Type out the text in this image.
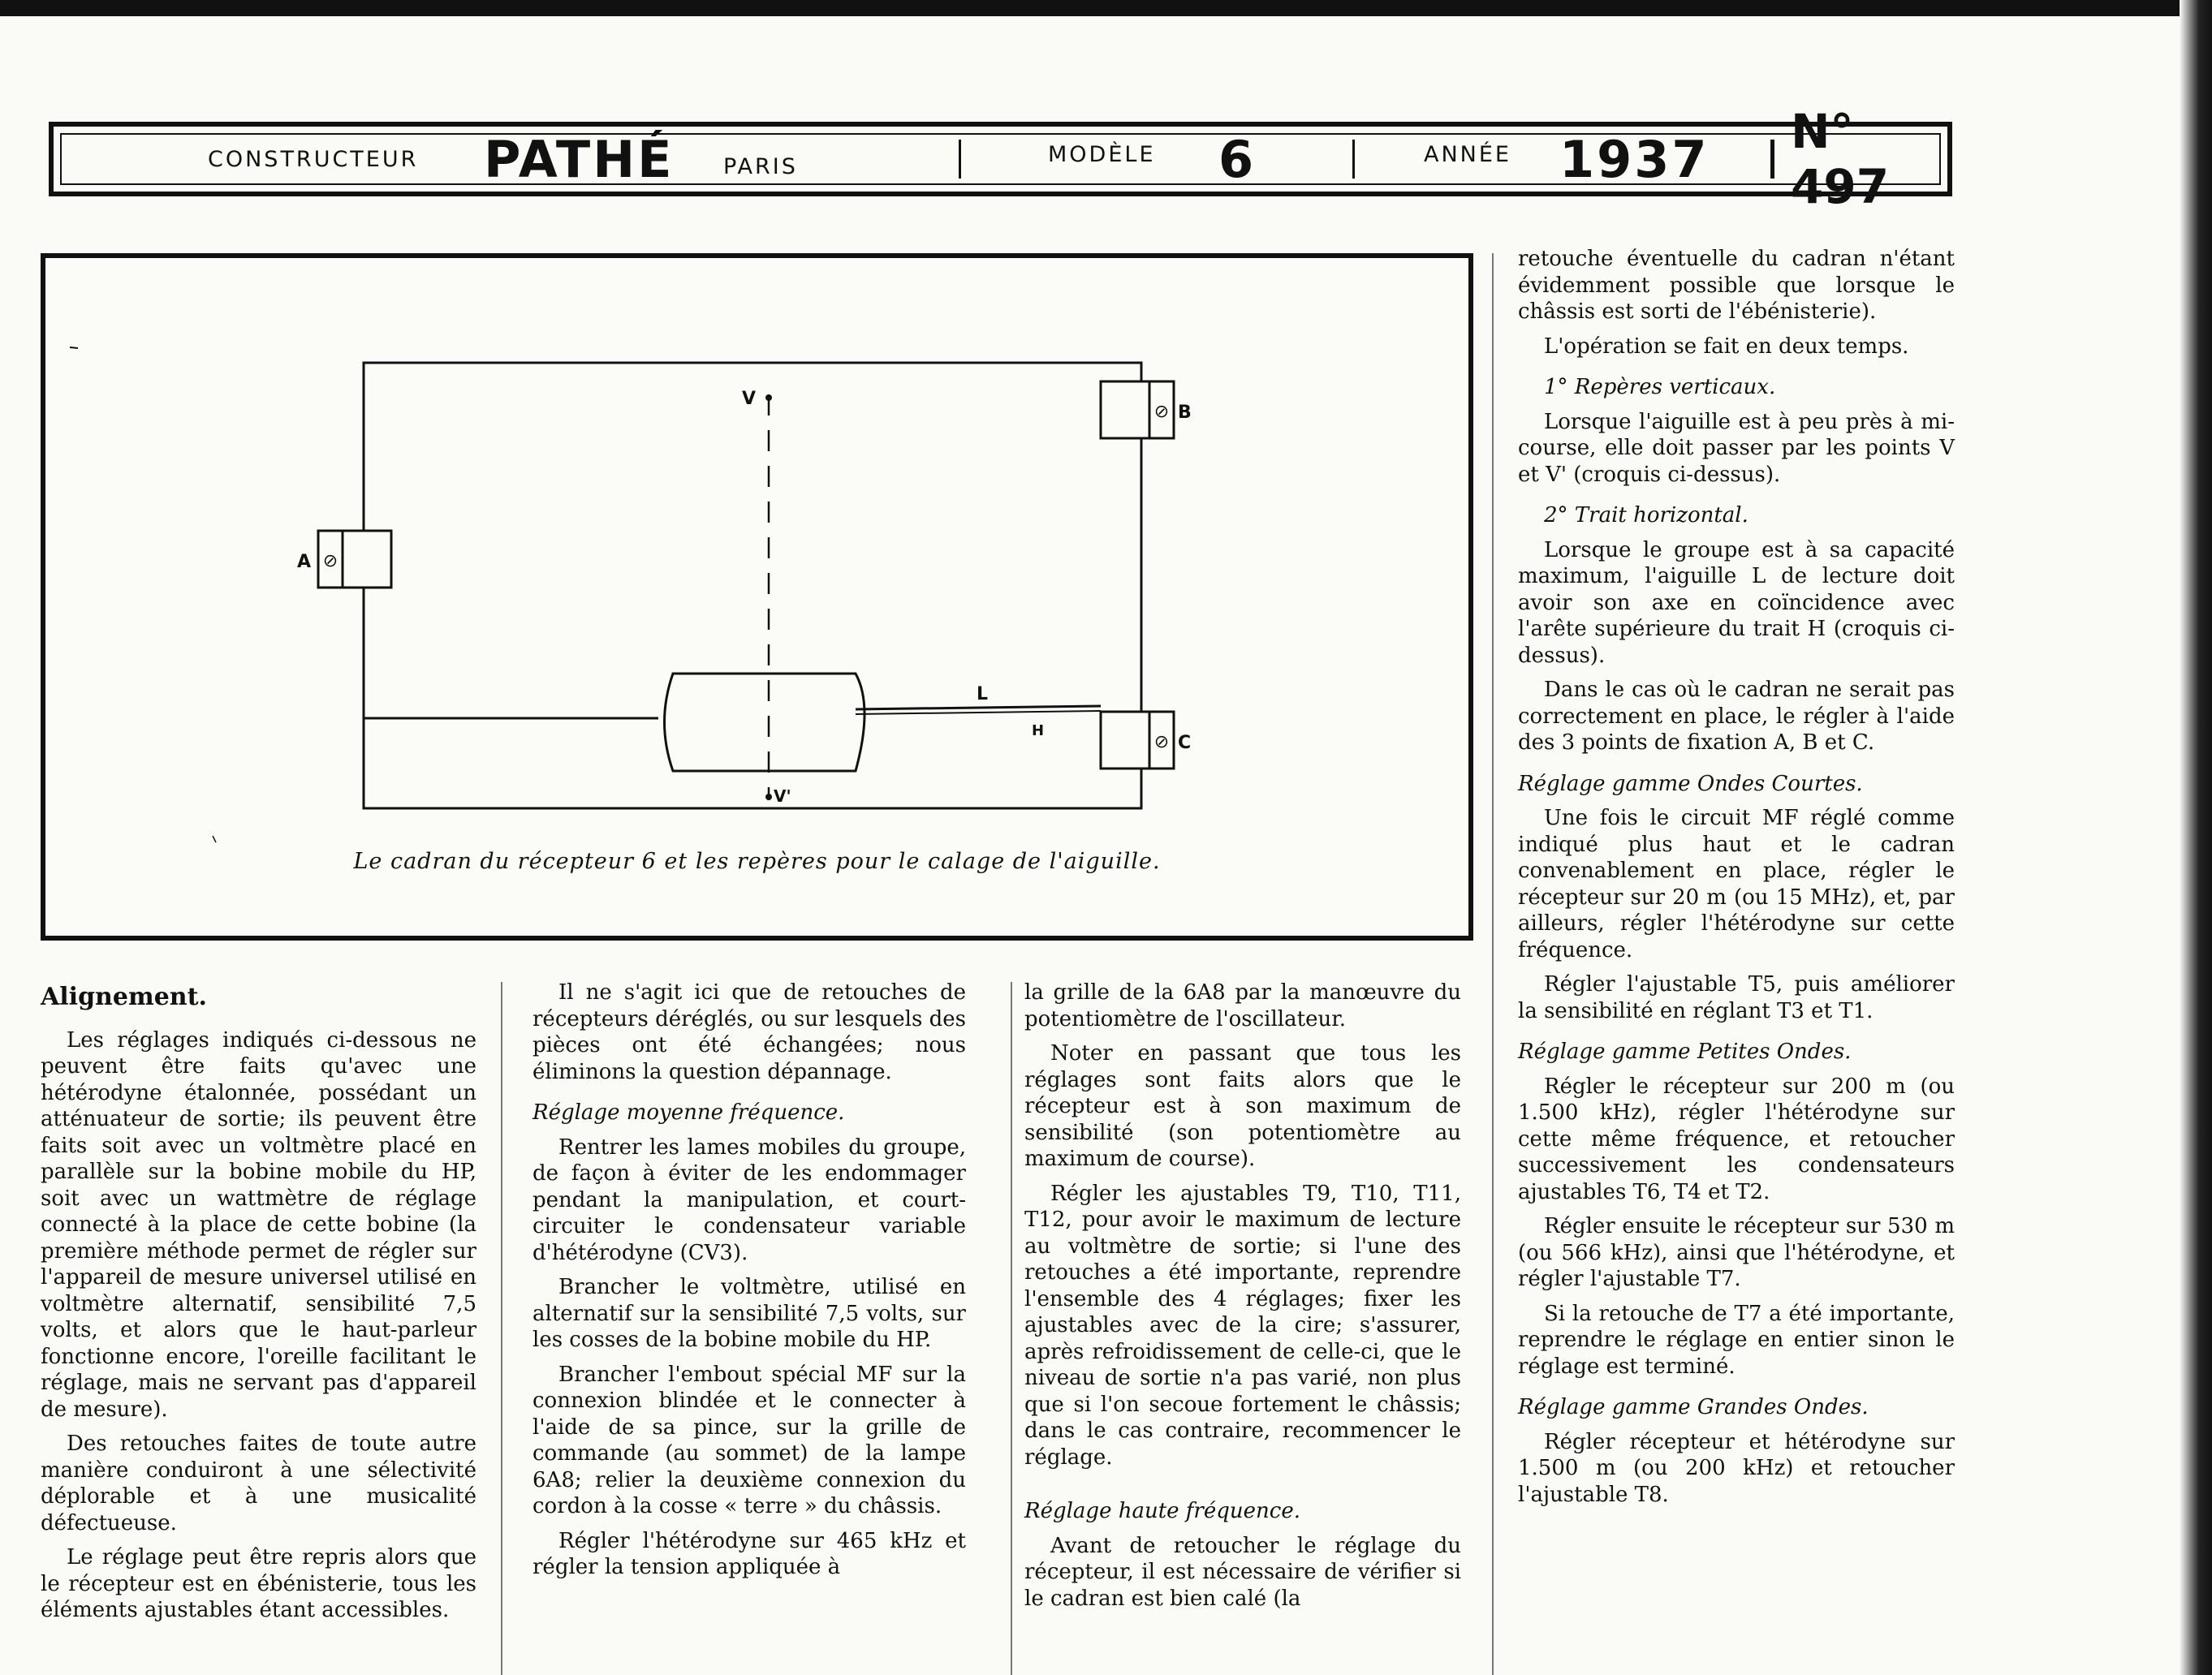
CONSTRUCTEUR PATHÉ PARIS	MODÈLE 6	ANNÉE 1937 N° 497
⊘
A
⊘ B
⊘ C
L
H
V
V'
Le cadran du récepteur 6 et les repères pour le calage de l'aiguille.
Alignement.

Les réglages indiqués ci-dessous ne peuvent être faits qu'avec une hétérodyne étalonnée, possédant un atténuateur de sortie; ils peuvent être faits soit avec un voltmètre placé en parallèle sur la bobine mobile du HP, soit avec un wattmètre de réglage connecté à la place de cette bobine (la première méthode permet de régler sur l'appareil de mesure universel utilisé en voltmètre alternatif, sensibilité 7,5 volts, et alors que le haut-parleur fonctionne encore, l'oreille facilitant le réglage, mais ne servant pas d'appareil de mesure).

Des retouches faites de toute autre manière conduiront à une sélectivité déplorable et à une musicalité défectueuse.

Le réglage peut être repris alors que le récepteur est en ébénisterie, tous les éléments ajustables étant accessibles.

Il ne s'agit ici que de retouches de récepteurs déréglés, ou sur lesquels des pièces ont été échangées; nous éliminons la question dépannage.

Réglage moyenne fréquence.

Rentrer les lames mobiles du groupe, de façon à éviter de les endommager pendant la manipulation, et court-circuiter le condensateur variable d'hétérodyne (CV3).

Brancher le voltmètre, utilisé en alternatif sur la sensibilité 7,5 volts, sur les cosses de la bobine mobile du HP.

Brancher l'embout spécial MF sur la connexion blindée et le connecter à l'aide de sa pince, sur la grille de commande (au sommet) de la lampe 6A8; relier la deuxième connexion du cordon à la cosse « terre » du châssis.

Régler l'hétérodyne sur 465 kHz et régler la tension appliquée à

la grille de la 6A8 par la manœuvre du potentiomètre de l'oscillateur.

Noter en passant que tous les réglages sont faits alors que le récepteur est à son maximum de sensibilité (son potentiomètre au maximum de course).

Régler les ajustables T9, T10, T11, T12, pour avoir le maximum de lecture au voltmètre de sortie; si l'une des retouches a été importante, reprendre l'ensemble des 4 réglages; fixer les ajustables avec de la cire; s'assurer, après refroidissement de celle-ci, que le niveau de sortie n'a pas varié, non plus que si l'on secoue fortement le châssis; dans le cas contraire, recommencer le réglage.

Réglage haute fréquence.

Avant de retoucher le réglage du récepteur, il est nécessaire de vérifier si le cadran est bien calé (la

retouche éventuelle du cadran n'étant évidemment possible que lorsque le châssis est sorti de l'ébénisterie).

L'opération se fait en deux temps.

1° Repères verticaux.

Lorsque l'aiguille est à peu près à mi-course, elle doit passer par les points V et V' (croquis ci-dessus).

2° Trait horizontal.

Lorsque le groupe est à sa capacité maximum, l'aiguille L de lecture doit avoir son axe en coïncidence avec l'arête supérieure du trait H (croquis ci-dessus).

Dans le cas où le cadran ne serait pas correctement en place, le régler à l'aide des 3 points de fixation A, B et C.

Réglage gamme Ondes Courtes.

Une fois le circuit MF réglé comme indiqué plus haut et le cadran convenablement en place, régler le récepteur sur 20 m (ou 15 MHz), et, par ailleurs, régler l'hétérodyne sur cette fréquence.

Régler l'ajustable T5, puis améliorer la sensibilité en réglant T3 et T1.

Réglage gamme Petites Ondes.

Régler le récepteur sur 200 m (ou 1.500 kHz), régler l'hétérodyne sur cette même fréquence, et retoucher successivement les condensateurs ajustables T6, T4 et T2.

Régler ensuite le récepteur sur 530 m (ou 566 kHz), ainsi que l'hétérodyne, et régler l'ajustable T7.

Si la retouche de T7 a été importante, reprendre le réglage en entier sinon le réglage est terminé.

Réglage gamme Grandes Ondes.

Régler récepteur et hétérodyne sur 1.500 m (ou 200 kHz) et retoucher l'ajustable T8.
